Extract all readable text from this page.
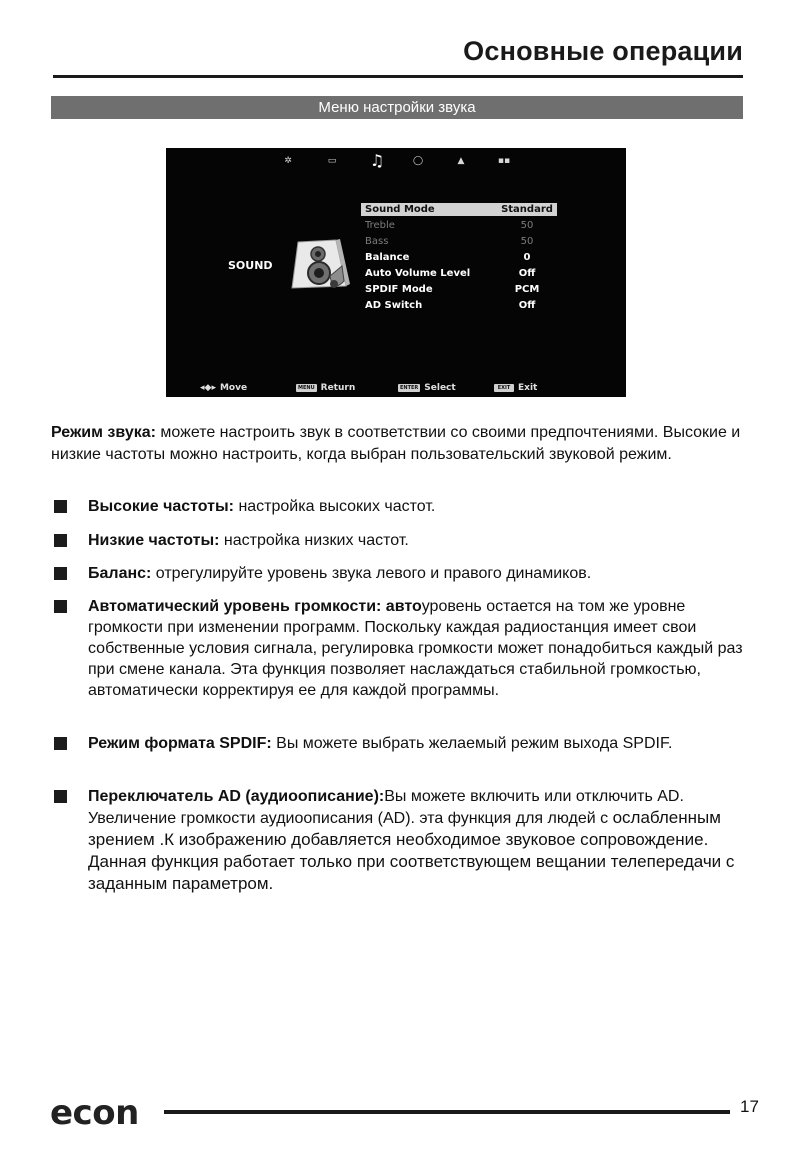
Основные операции
Меню настройки звука
✲	▭ ♫	◯	▲	▪▪
SOUND
Sound Mode	Standard
Treble	50
Bass	50
Balance	0
Auto Volume Level	Off
SPDIF Mode	PCM
AD Switch	Off
◂◆▸ Move	MENU Return	ENTER Select	EXIT Exit
Режим звука: можете настроить звук в соответствии со своими предпочтениями. Высокие и низкие частоты можно настроить, когда выбран пользовательский звуковой режим.
Высокие частоты: настройка высоких частот.
Низкие частоты: настройка низких частот.
Баланс: отрегулируйте уровень звука левого и правого динамиков.
Автоматический уровень громкости: автоуровень остается на том же уровне громкости при изменении программ. Поскольку каждая радиостанция имеет свои собственные условия сигнала, регулировка громкости может понадобиться каждый раз при смене канала. Эта функция позволяет наслаждаться стабильной громкостью, автоматически корректируя ее для каждой программы.
Режим формата SPDIF: Вы можете выбрать желаемый режим выхода SPDIF.
Переключатель AD (аудиоописание):Вы можете включить или отключить AD. Увеличение громкости аудиоописания (AD). эта функция для людей с ослабленным зрением .К изображению добавляется необходимое звуковое сопровождение. Данная функция работает только при соответствующем вещании телепередачи с заданным параметром.
econ	17
